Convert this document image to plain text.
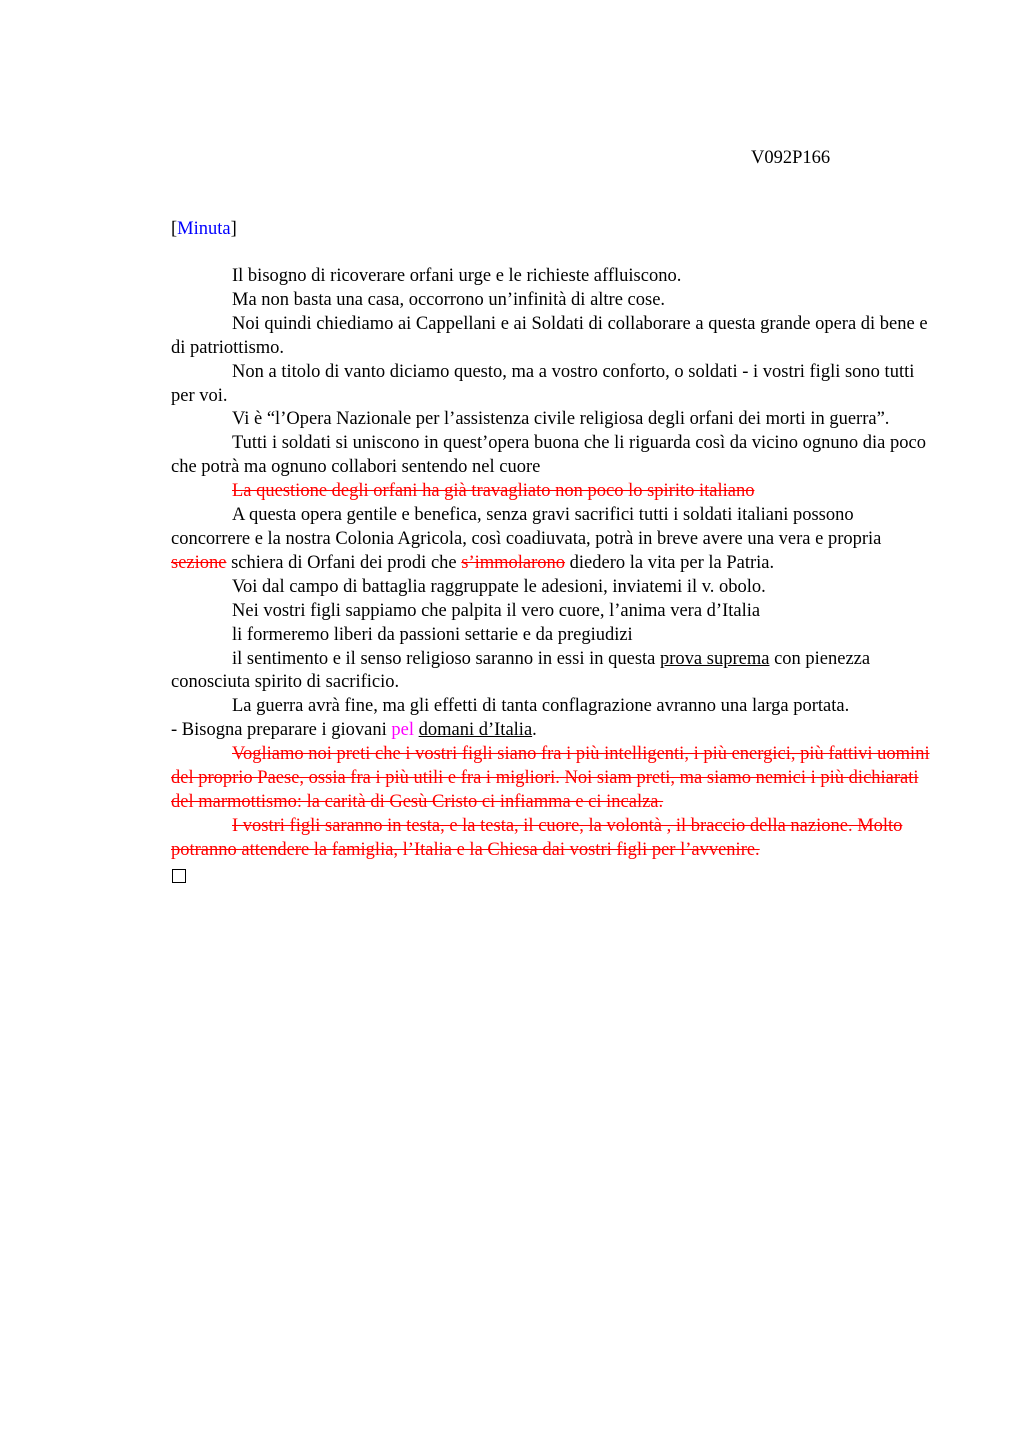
V092P166
[Minuta]

Il bisogno di ricoverare orfani urge e le richieste affluiscono.

Ma non basta una casa, occorrono un’infinità di altre cose.

Noi quindi chiediamo ai Cappellani e ai Soldati di collaborare a questa grande opera di bene e di patriottismo.

Non a titolo di vanto diciamo questo, ma a vostro conforto, o soldati - i vostri figli sono tutti per voi.

Vi è “l’Opera Nazionale per l’assistenza civile religiosa degli orfani dei morti in guerra”.

Tutti i soldati si uniscono in quest’opera buona che li riguarda così da vicino ognuno dia poco che potrà ma ognuno collabori sentendo nel cuore

La questione degli orfani ha già travagliato non poco lo spirito italiano

A questa opera gentile e benefica, senza gravi sacrifici tutti i soldati italiani possono concorrere e la nostra Colonia Agricola, così coadiuvata, potrà in breve avere una vera e propria sezione schiera di Orfani dei prodi che s’immolarono diedero la vita per la Patria.

Voi dal campo di battaglia raggruppate le adesioni, inviatemi il v. obolo.

Nei vostri figli sappiamo che palpita il vero cuore, l’anima vera d’Italia

li formeremo liberi da passioni settarie e da pregiudizi

il sentimento e il senso religioso saranno in essi in questa prova suprema con pienezza conosciuta spirito di sacrificio.

La guerra avrà fine, ma gli effetti di tanta conflagrazione avranno una larga portata.

- Bisogna preparare i giovani pel domani d’Italia.

Vogliamo noi preti che i vostri figli siano fra i più intelligenti, i più energici, più fattivi uomini del proprio Paese, ossia fra i più utili e fra i migliori. Noi siam preti, ma siamo nemici i più dichiarati del marmottismo: la carità di Gesù Cristo ci infiamma e ci incalza.

I vostri figli saranno in testa, e la testa, il cuore, la volontà , il braccio della nazione. Molto potranno attendere la famiglia, l’Italia e la Chiesa dai vostri figli per l’avvenire.
